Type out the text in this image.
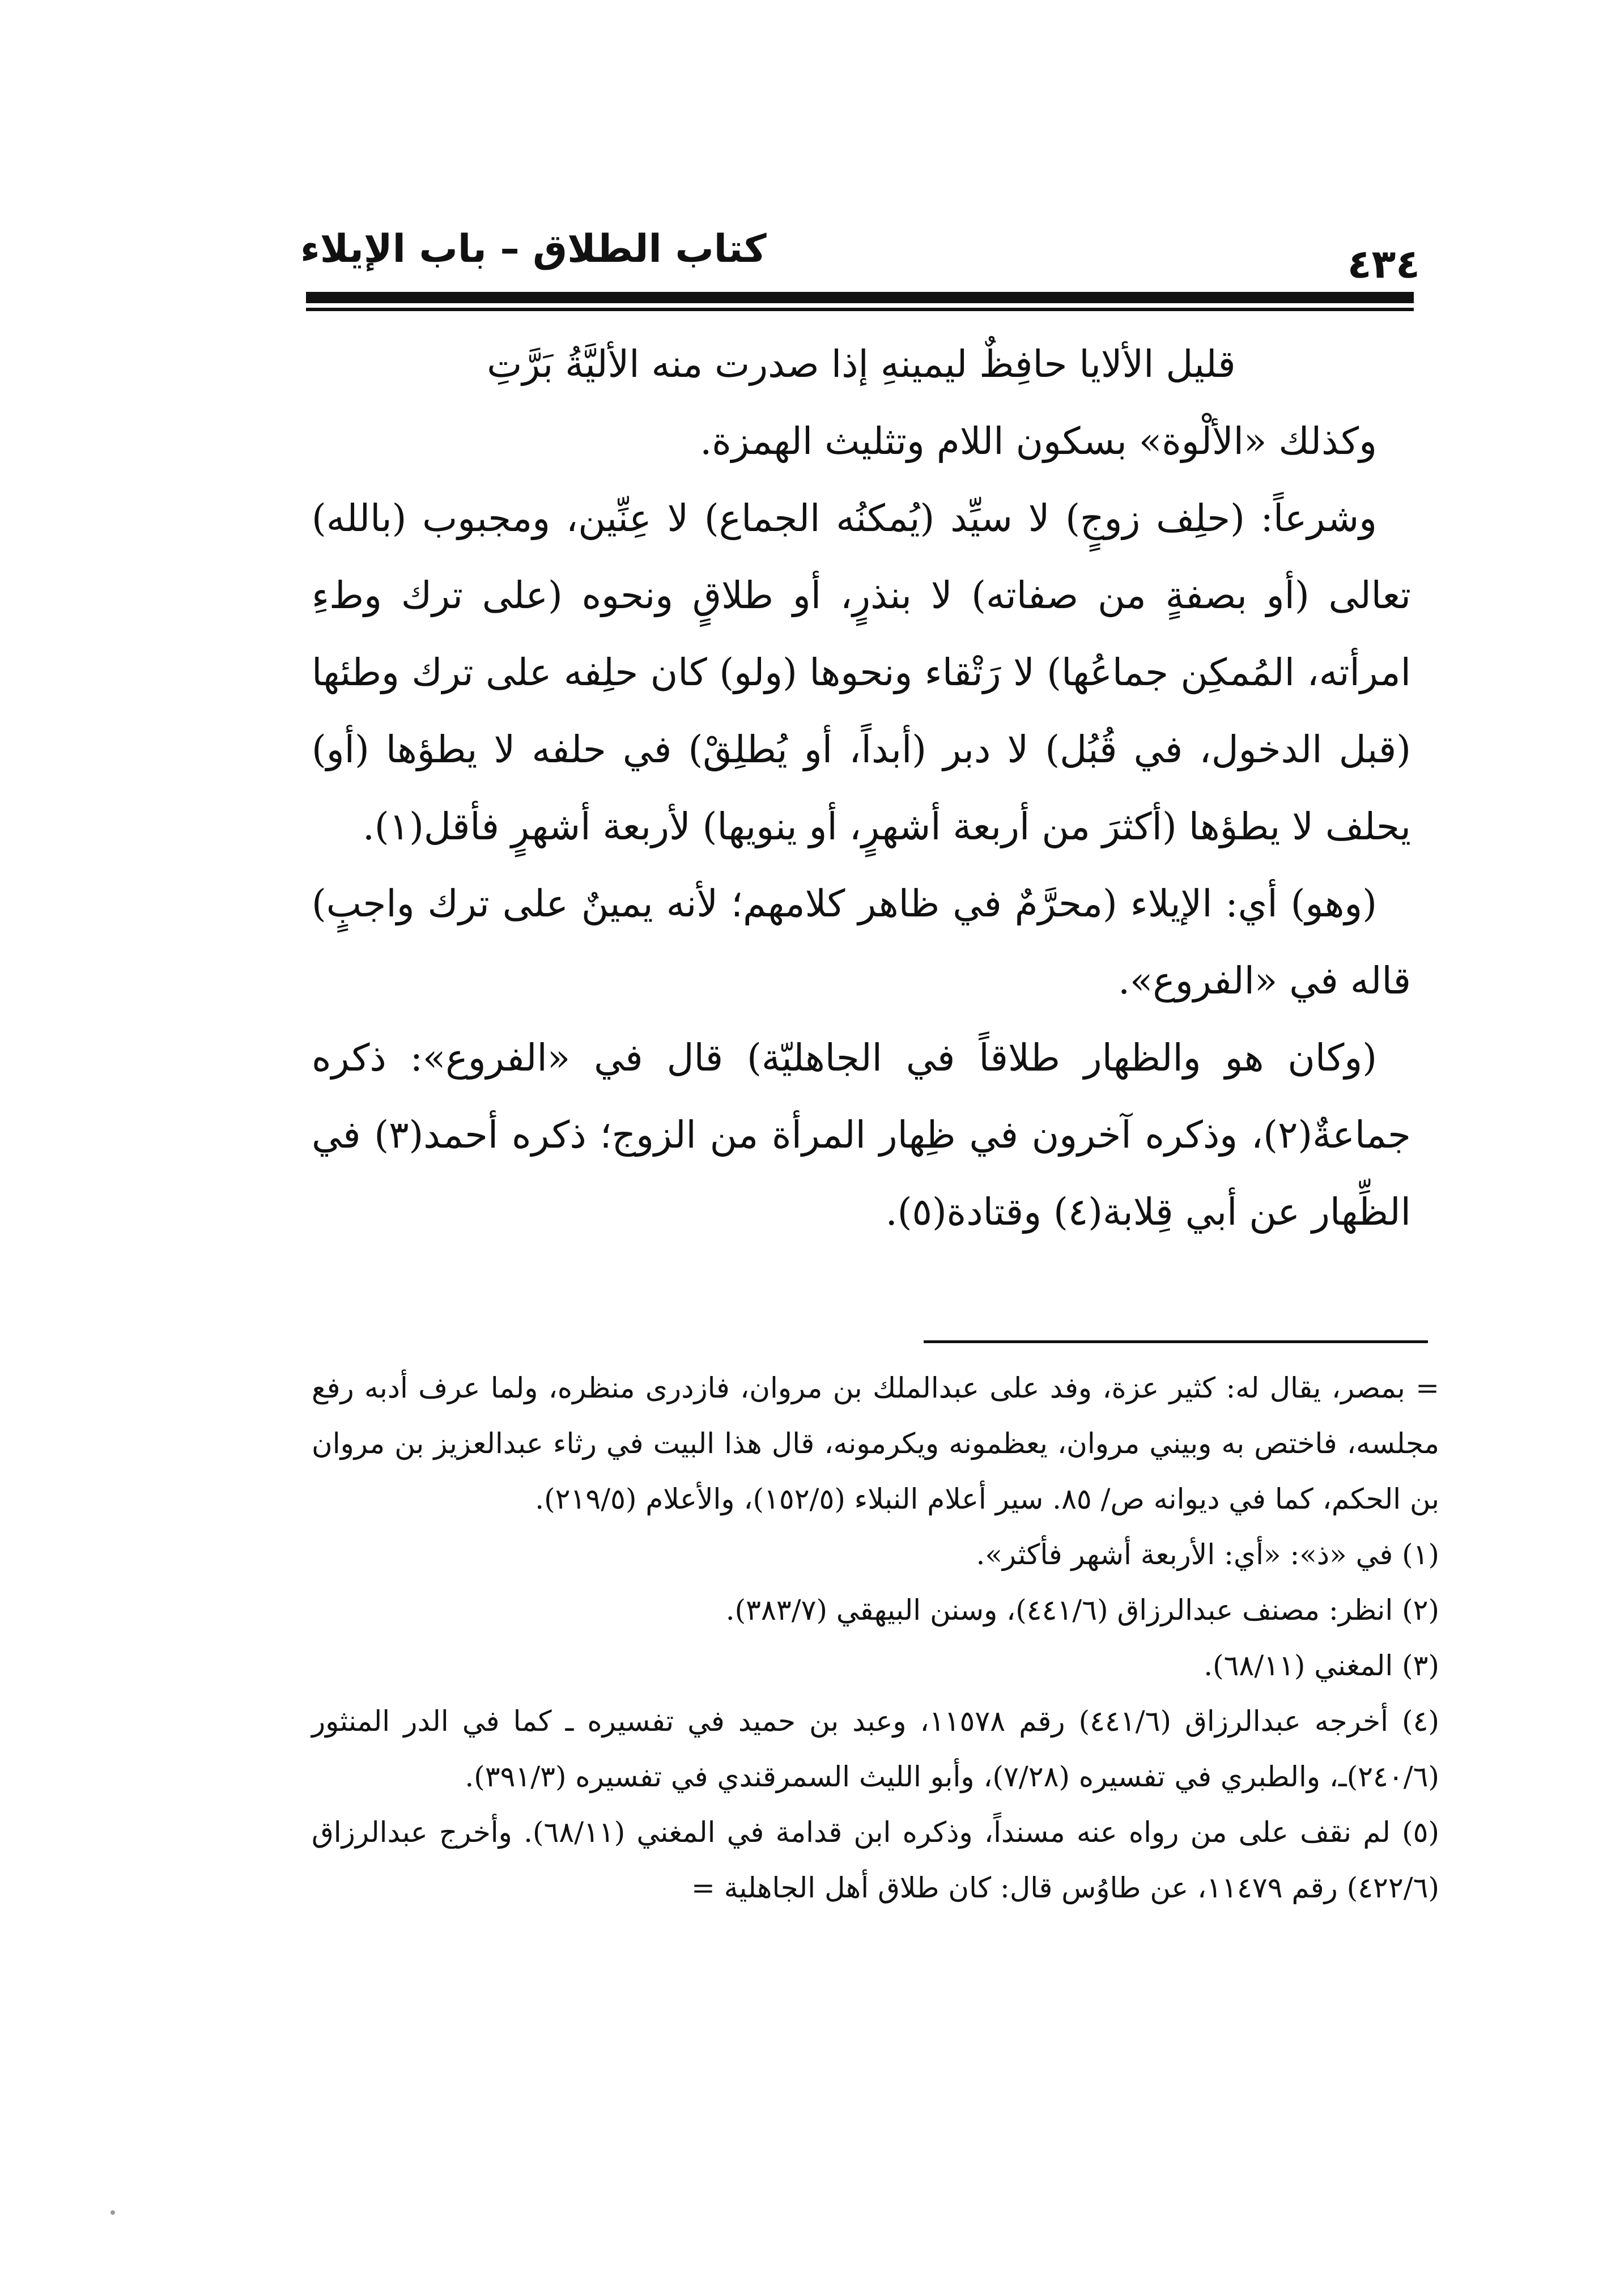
كتاب الطلاق – باب الإيلاء	٤٣٤

قليل الألايا حافِظٌ ليمينهِ إذا صدرت منه الأليَّةُ بَرَّتِ

وكذلك «الألْوة» بسكون اللام وتثليث الهمزة.

وشرعاً: (حلِف زوجٍ) لا سيِّد (يُمكنُه الجماع) لا عِنِّين، ومجبوب (بالله) تعالى (أو بصفةٍ من صفاته) لا بنذرٍ، أو طلاقٍ ونحوه (على ترك وطءِ امرأته، المُمكِن جماعُها) لا رَتْقاء ونحوها (ولو) كان حلِفه على ترك وطئها (قبل الدخول، في قُبُل) لا دبر (أبداً، أو يُطلِقْ) في حلفه لا يطؤها (أو) يحلف لا يطؤها (أكثرَ من أربعة أشهرٍ، أو ينويها) لأربعة أشهرٍ فأقل(١).

(وهو) أي: الإيلاء (محرَّمٌ في ظاهر كلامهم؛ لأنه يمينٌ على ترك واجبٍ) قاله في «الفروع».

(وكان هو والظهار طلاقاً في الجاهليّة) قال في «الفروع»: ذكره جماعةٌ(٢)، وذكره آخرون في ظِهار المرأة من الزوج؛ ذكره أحمد(٣) في الظِّهار عن أبي قِلابة(٤) وقتادة(٥).

= بمصر، يقال له: كثير عزة، وفد على عبدالملك بن مروان، فازدرى منظره، ولما عرف أدبه رفع مجلسه، فاختص به وبيني مروان، يعظمونه ويكرمونه، قال هذا البيت في رثاء عبدالعزيز بن مروان بن الحكم، كما في ديوانه ص/ ٨٥. سير أعلام النبلاء (١٥٢/٥)، والأعلام (٢١٩/٥).

(١) في «ذ»: «أي: الأربعة أشهر فأكثر».

(٢) انظر: مصنف عبدالرزاق (٤٤١/٦)، وسنن البيهقي (٣٨٣/٧).

(٣) المغني (٦٨/١١).

(٤) أخرجه عبدالرزاق (٤٤١/٦) رقم ١١٥٧٨، وعبد بن حميد في تفسيره ـ كما في الدر المنثور (٢٤٠/٦)ـ، والطبري في تفسيره (٧/٢٨)، وأبو الليث السمرقندي في تفسيره (٣٩١/٣).

(٥) لم نقف على من رواه عنه مسنداً، وذكره ابن قدامة في المغني (٦٨/١١). وأخرج عبدالرزاق (٤٢٢/٦) رقم ١١٤٧٩، عن طاوُس قال: كان طلاق أهل الجاهلية =
